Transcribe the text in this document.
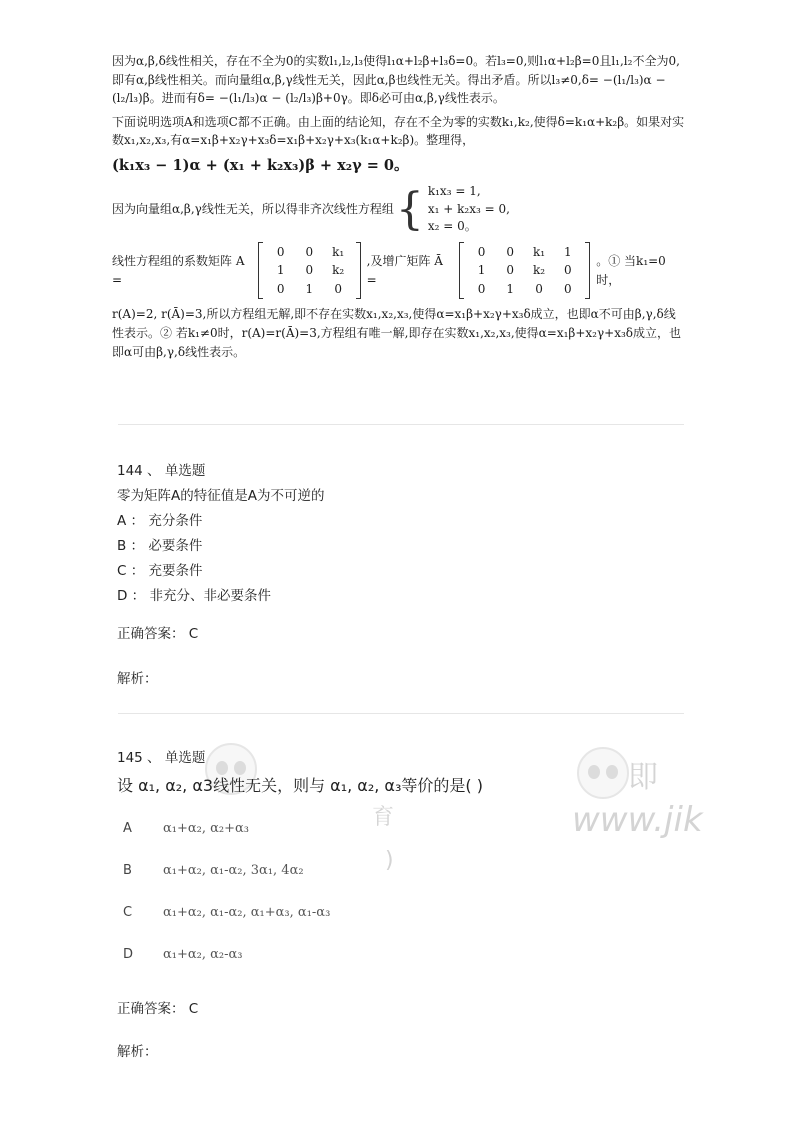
因为α,β,δ线性相关，存在不全为0的实数l₁,l₂,l₃使得l₁α+l₂β+l₃δ=0。若l₃=0,则l₁α+l₂β=0且l₁,l₂不全为0,即有α,β线性相关。而向量组α,β,γ线性无关，因此α,β也线性无关。得出矛盾。所以l₃≠0,δ= −(l₁/l₃)α − (l₂/l₃)β。进而有δ= −(l₁/l₃)α − (l₂/l₃)β+0γ。即δ必可由α,β,γ线性表示。

下面说明选项A和选项C都不正确。由上面的结论知，存在不全为零的实数k₁,k₂,使得δ=k₁α+k₂β。如果对实数x₁,x₂,x₃,有α=x₁β+x₂γ+x₃δ=x₁β+x₂γ+x₃(k₁α+k₂β)。整理得，

(k₁x₃ − 1)α + (x₁ + k₂x₃)β + x₂γ = 0。

因为向量组α,β,γ线性无关，所以得非齐次线性方程组 { k₁x₃ = 1,
x₁ + k₂x₃ = 0,
x₂ = 0。
线性方程组的系数矩阵 A =
0	0	k₁
1	0	k₂
0	1	0
,及增广矩阵 Ā =
0	0	k₁	1
1	0	k₂	0
0	1	0	0
。① 当k₁=0时，

r(A)=2, r(Ā)=3,所以方程组无解,即不存在实数x₁,x₂,x₃,使得α=x₁β+x₂γ+x₃δ成立，也即α不可由β,γ,δ线性表示。② 若k₁≠0时，r(A)=r(Ā)=3,方程组有唯一解,即存在实数x₁,x₂,x₃,使得α=x₁β+x₂γ+x₃δ成立，也即α可由β,γ,δ线性表示。

144 、 单选题
零为矩阵A的特征值是A为不可逆的
A ： 充分条件
B ： 必要条件
C ： 充要条件
D ： 非充分、非必要条件
正确答案： C
解析：
即
www.jik
育
)
145 、 单选题
设 α₁, α₂, α3线性无关，则与 α₁, α₂, α₃等价的是( )
A	α₁+α₂, α₂+α₃
B	α₁+α₂, α₁-α₂, 3α₁, 4α₂
C	α₁+α₂, α₁-α₂, α₁+α₃, α₁-α₃
D	α₁+α₂, α₂-α₃
正确答案： C
解析：
